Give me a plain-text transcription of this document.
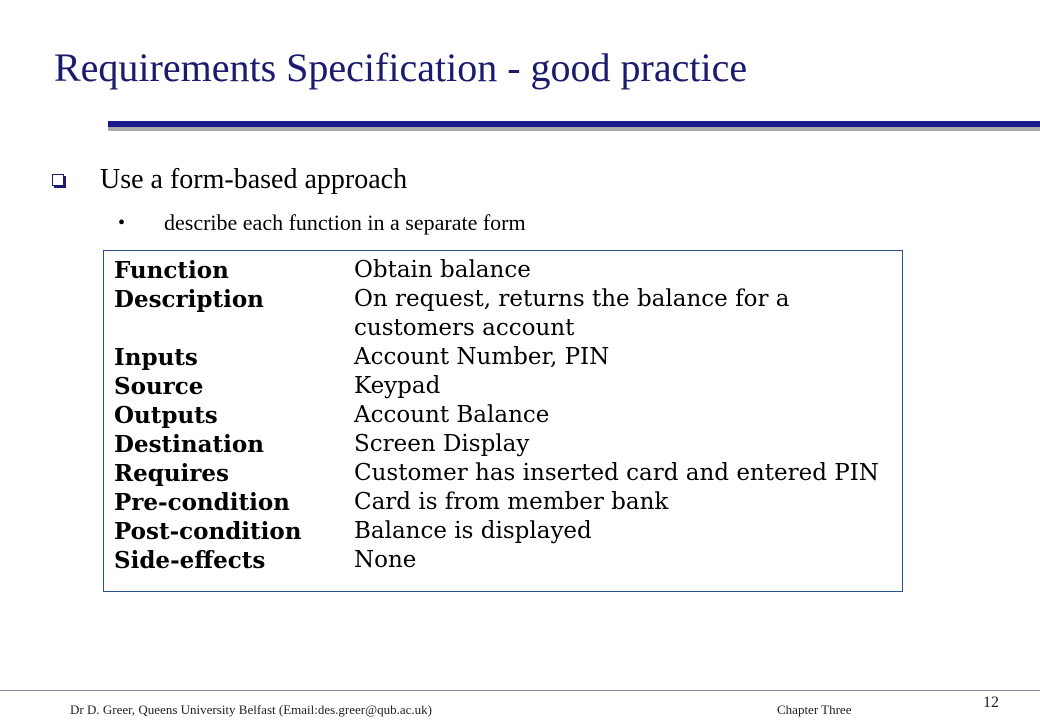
Requirements Specification - good practice
Use a form-based approach
•	describe each function in a separate form
Function	Obtain balance
Description	On request, returns the balance for a customers account
Inputs	Account Number, PIN
Source	Keypad
Outputs	Account Balance
Destination	Screen Display
Requires	Customer has inserted card and entered PIN
Pre-condition	Card is from member bank
Post-condition Balance is displayed
Side-effects	None
Dr D. Greer, Queens University Belfast (Email:des.greer@qub.ac.uk)	Chapter Three	12
